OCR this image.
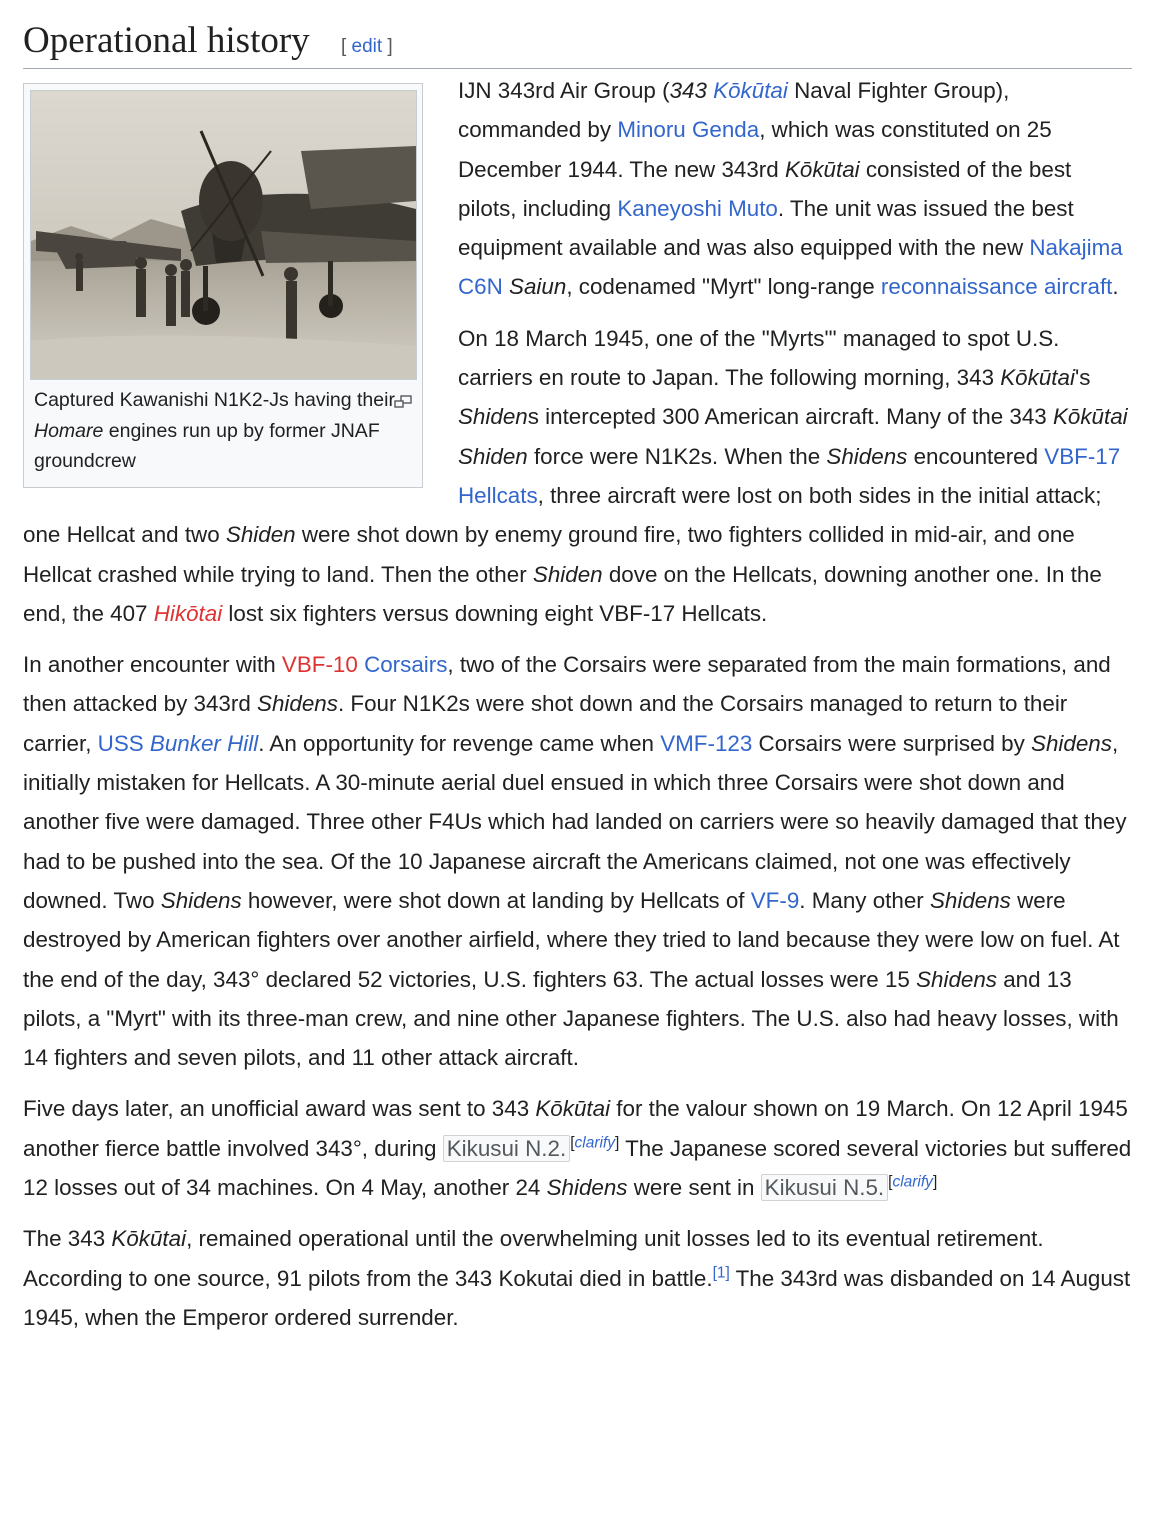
Operational history [ edit ]
Captured Kawanishi N1K2-Js having their Homare engines run up by former JNAF groundcrew

IJN 343rd Air Group (343 Kōkūtai Naval Fighter Group), commanded by Minoru Genda, which was constituted on 25 December 1944. The new 343rd Kōkūtai consisted of the best pilots, including Kaneyoshi Muto. The unit was issued the best equipment available and was also equipped with the new Nakajima C6N Saiun, codenamed "Myrt" long-range reconnaissance aircraft.

On 18 March 1945, one of the "Myrts'" managed to spot U.S. carriers en route to Japan. The following morning, 343 Kōkūtai's Shidens intercepted 300 American aircraft. Many of the 343 Kōkūtai Shiden force were N1K2s. When the Shidens encountered VBF-17 Hellcats, three aircraft were lost on both sides in the initial attack; one Hellcat and two Shiden were shot down by enemy ground fire, two fighters collided in mid-air, and one Hellcat crashed while trying to land. Then the other Shiden dove on the Hellcats, downing another one. In the end, the 407 Hikōtai lost six fighters versus downing eight VBF-17 Hellcats.

In another encounter with VBF-10 Corsairs, two of the Corsairs were separated from the main formations, and then attacked by 343rd Shidens. Four N1K2s were shot down and the Corsairs managed to return to their carrier, USS Bunker Hill. An opportunity for revenge came when VMF-123 Corsairs were surprised by Shidens, initially mistaken for Hellcats. A 30-minute aerial duel ensued in which three Corsairs were shot down and another five were damaged. Three other F4Us which had landed on carriers were so heavily damaged that they had to be pushed into the sea. Of the 10 Japanese aircraft the Americans claimed, not one was effectively downed. Two Shidens however, were shot down at landing by Hellcats of VF-9. Many other Shidens were destroyed by American fighters over another airfield, where they tried to land because they were low on fuel. At the end of the day, 343° declared 52 victories, U.S. fighters 63. The actual losses were 15 Shidens and 13 pilots, a "Myrt" with its three-man crew, and nine other Japanese fighters. The U.S. also had heavy losses, with 14 fighters and seven pilots, and 11 other attack aircraft.

Five days later, an unofficial award was sent to 343 Kōkūtai for the valour shown on 19 March. On 12 April 1945 another fierce battle involved 343°, during Kikusui N.2. [clarify] The Japanese scored several victories but suffered 12 losses out of 34 machines. On 4 May, another 24 Shidens were sent in Kikusui N.5. [clarify]

The 343 Kōkūtai, remained operational until the overwhelming unit losses led to its eventual retirement. According to one source, 91 pilots from the 343 Kokutai died in battle.[1] The 343rd was disbanded on 14 August 1945, when the Emperor ordered surrender.
